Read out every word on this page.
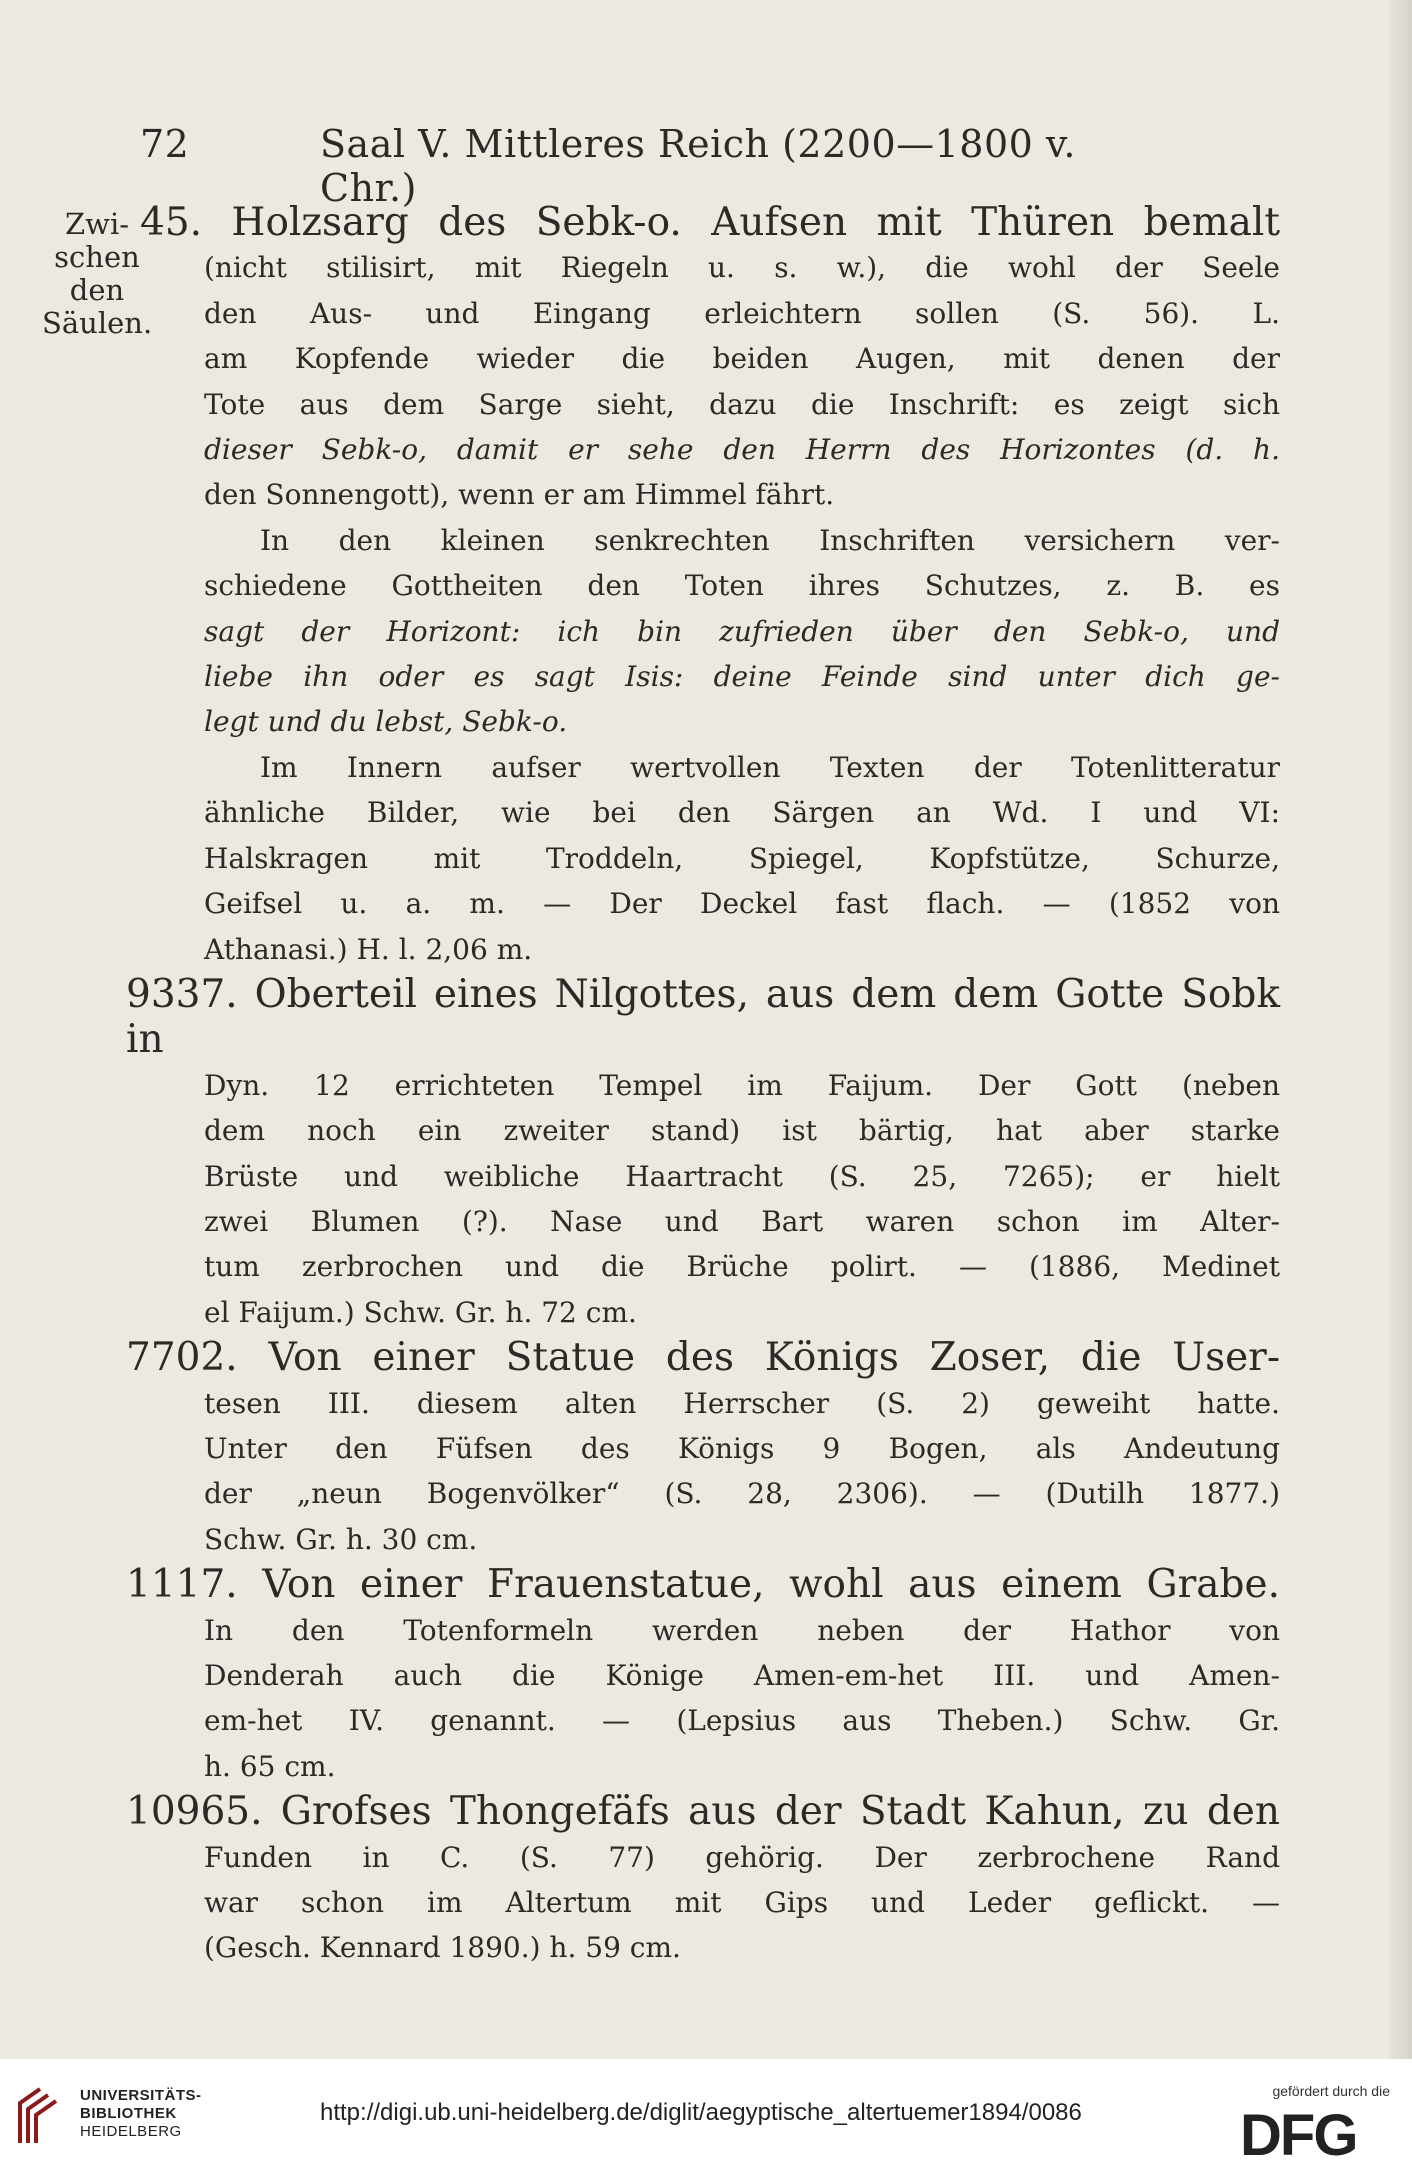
72	Saal V. Mittleres Reich (2200—1800 v. Chr.)
Zwi-
schen
den
Säulen.
45. Holzsarg des Sebk-o. Aufsen mit Thüren bemalt
(nicht stilisirt, mit Riegeln u. s. w.), die wohl der Seele
den Aus- und Eingang erleichtern sollen (S. 56). L.
am Kopfende wieder die beiden Augen, mit denen der
Tote aus dem Sarge sieht, dazu die Inschrift: es zeigt sich
dieser Sebk-o, damit er sehe den Herrn des Horizontes (d. h.
den Sonnengott), wenn er am Himmel fährt.
In den kleinen senkrechten Inschriften versichern ver-
schiedene Gottheiten den Toten ihres Schutzes, z. B. es
sagt der Horizont: ich bin zufrieden über den Sebk-o, und
liebe ihn oder es sagt Isis: deine Feinde sind unter dich ge-
legt und du lebst, Sebk-o.
Im Innern aufser wertvollen Texten der Totenlitteratur
ähnliche Bilder, wie bei den Särgen an Wd. I und VI:
Halskragen mit Troddeln, Spiegel, Kopfstütze, Schurze,
Geifsel u. a. m. — Der Deckel fast flach. — (1852 von
Athanasi.) H. l. 2,06 m.
9337. Oberteil eines Nilgottes, aus dem dem Gotte Sobk in
Dyn. 12 errichteten Tempel im Faijum. Der Gott (neben
dem noch ein zweiter stand) ist bärtig, hat aber starke
Brüste und weibliche Haartracht (S. 25, 7265); er hielt
zwei Blumen (?). Nase und Bart waren schon im Alter-
tum zerbrochen und die Brüche polirt. — (1886, Medinet
el Faijum.) Schw. Gr. h. 72 cm.
7702. Von einer Statue des Königs Zoser, die User-
tesen III. diesem alten Herrscher (S. 2) geweiht hatte.
Unter den Füfsen des Königs 9 Bogen, als Andeutung
der „neun Bogenvölker“ (S. 28, 2306). — (Dutilh 1877.)
Schw. Gr. h. 30 cm.
1117. Von einer Frauenstatue, wohl aus einem Grabe.
In den Totenformeln werden neben der Hathor von
Denderah auch die Könige Amen-em-het III. und Amen-
em-het IV. genannt. — (Lepsius aus Theben.) Schw. Gr.
h. 65 cm.
10965. Grofses Thongefäfs aus der Stadt Kahun, zu den
Funden in C. (S. 77) gehörig. Der zerbrochene Rand
war schon im Altertum mit Gips und Leder geflickt. —
(Gesch. Kennard 1890.) h. 59 cm.
UNIVERSITÄTS-
BIBLIOTHEK
HEIDELBERG
http://digi.ub.uni-heidelberg.de/diglit/aegyptische_altertuemer1894/0086
gefördert durch die
DFG
